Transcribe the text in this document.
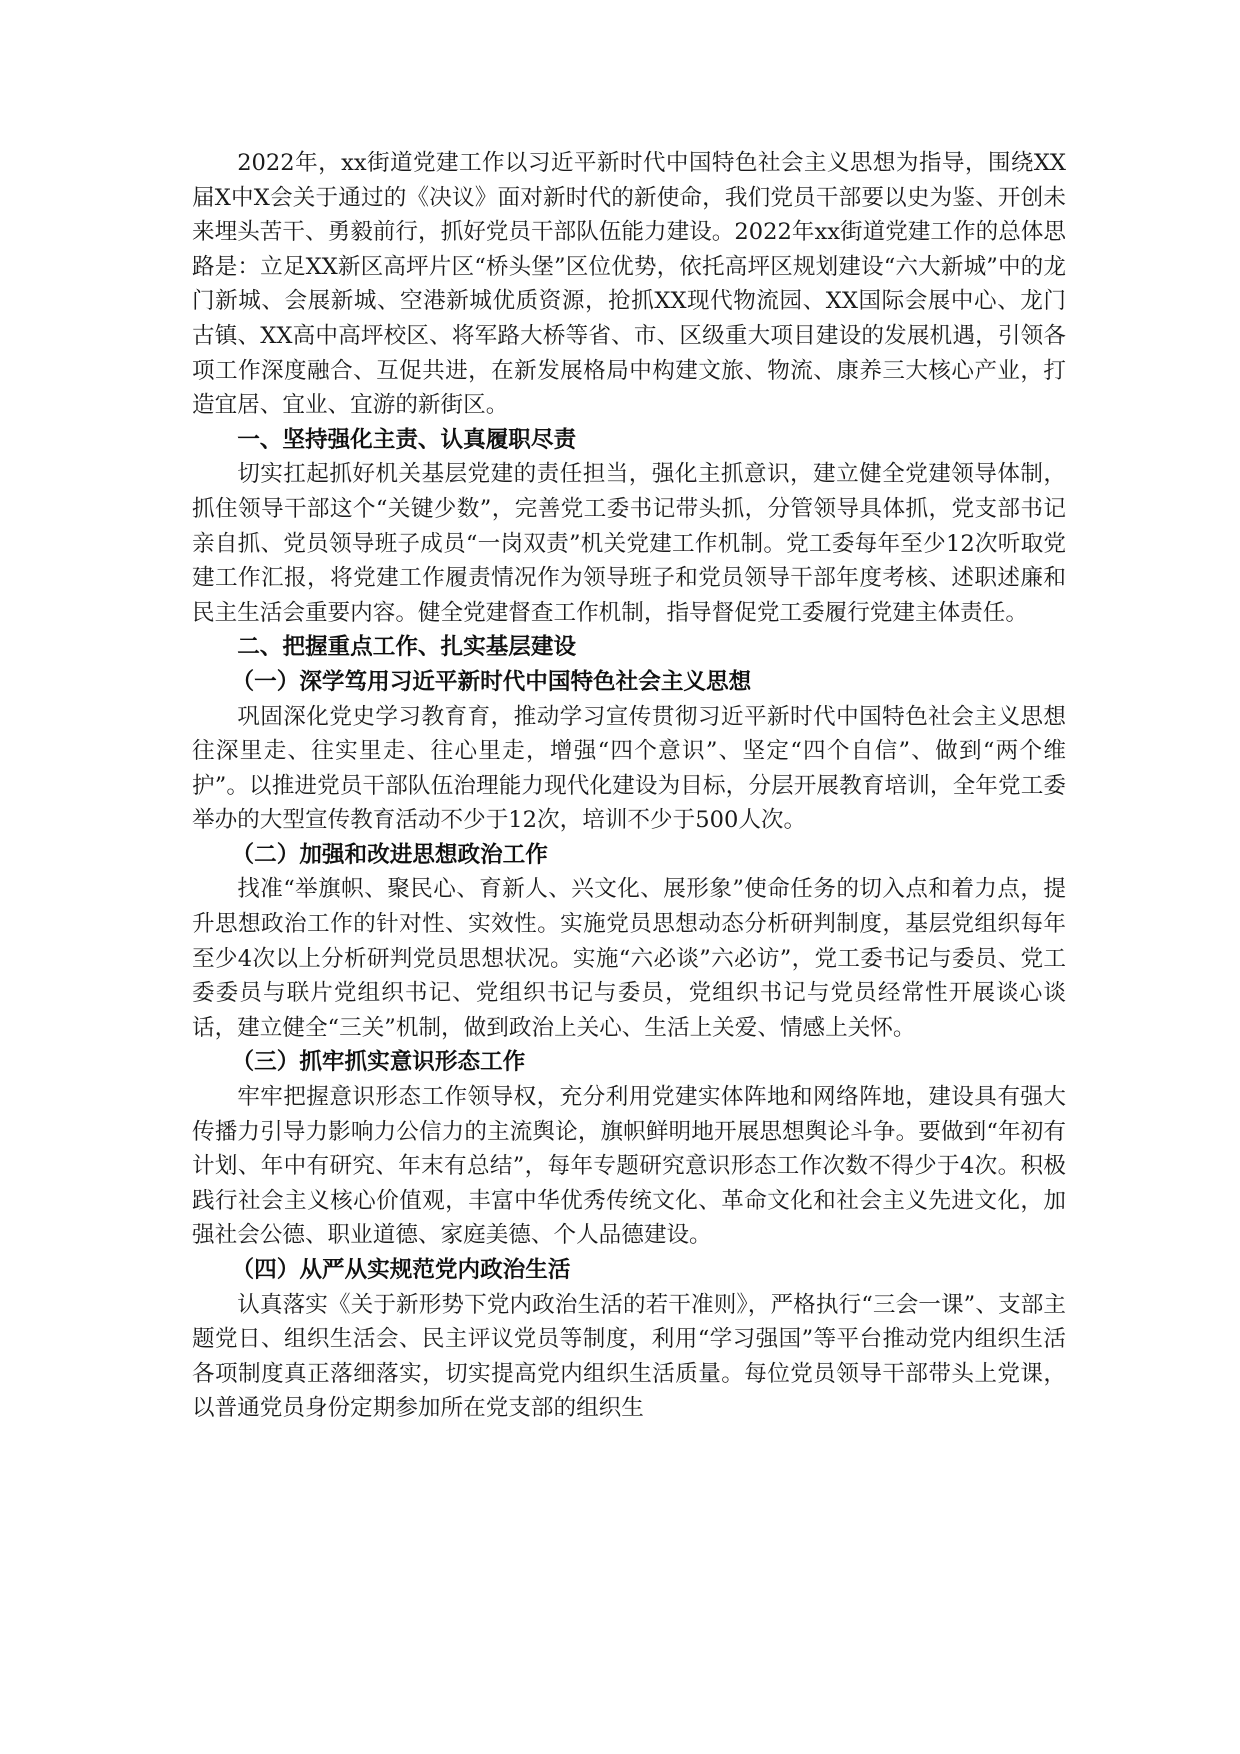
2022年，xx街道党建工作以习近平新时代中国特色社会主义思想为指导，围绕XX届X中X会关于通过的《决议》面对新时代的新使命，我们党员干部要以史为鉴、开创未来埋头苦干、勇毅前行，抓好党员干部队伍能力建设。2022年xx街道党建工作的总体思路是：立足XX新区高坪片区“桥头堡”区位优势，依托高坪区规划建设“六大新城”中的龙门新城、会展新城、空港新城优质资源，抢抓XX现代物流园、XX国际会展中心、龙门古镇、XX高中高坪校区、将军路大桥等省、市、区级重大项目建设的发展机遇，引领各项工作深度融合、互促共进，在新发展格局中构建文旅、物流、康养三大核心产业，打造宜居、宜业、宜游的新街区。

一、坚持强化主责、认真履职尽责

切实扛起抓好机关基层党建的责任担当，强化主抓意识，建立健全党建领导体制，抓住领导干部这个“关键少数”，完善党工委书记带头抓，分管领导具体抓，党支部书记亲自抓、党员领导班子成员“一岗双责”机关党建工作机制。党工委每年至少12次听取党建工作汇报，将党建工作履责情况作为领导班子和党员领导干部年度考核、述职述廉和民主生活会重要内容。健全党建督查工作机制，指导督促党工委履行党建主体责任。

二、把握重点工作、扎实基层建设

（一）深学笃用习近平新时代中国特色社会主义思想

巩固深化党史学习教育育，推动学习宣传贯彻习近平新时代中国特色社会主义思想往深里走、往实里走、往心里走，增强“四个意识”、坚定“四个自信”、做到“两个维护”。以推进党员干部队伍治理能力现代化建设为目标，分层开展教育培训，全年党工委举办的大型宣传教育活动不少于12次，培训不少于500人次。

（二）加强和改进思想政治工作

找准“举旗帜、聚民心、育新人、兴文化、展形象”使命任务的切入点和着力点，提升思想政治工作的针对性、实效性。实施党员思想动态分析研判制度，基层党组织每年至少4次以上分析研判党员思想状况。实施“六必谈”六必访”，党工委书记与委员、党工委委员与联片党组织书记、党组织书记与委员，党组织书记与党员经常性开展谈心谈话，建立健全“三关”机制，做到政治上关心、生活上关爱、情感上关怀。

（三）抓牢抓实意识形态工作

牢牢把握意识形态工作领导权，充分利用党建实体阵地和网络阵地，建设具有强大传播力引导力影响力公信力的主流舆论，旗帜鲜明地开展思想舆论斗争。要做到“年初有计划、年中有研究、年末有总结”，每年专题研究意识形态工作次数不得少于4次。积极践行社会主义核心价值观，丰富中华优秀传统文化、革命文化和社会主义先进文化，加强社会公德、职业道德、家庭美德、个人品德建设。

（四）从严从实规范党内政治生活

认真落实《关于新形势下党内政治生活的若干准则》，严格执行“三会一课”、支部主题党日、组织生活会、民主评议党员等制度，利用“学习强国”等平台推动党内组织生活各项制度真正落细落实，切实提高党内组织生活质量。每位党员领导干部带头上党课，以普通党员身份定期参加所在党支部的组织生
